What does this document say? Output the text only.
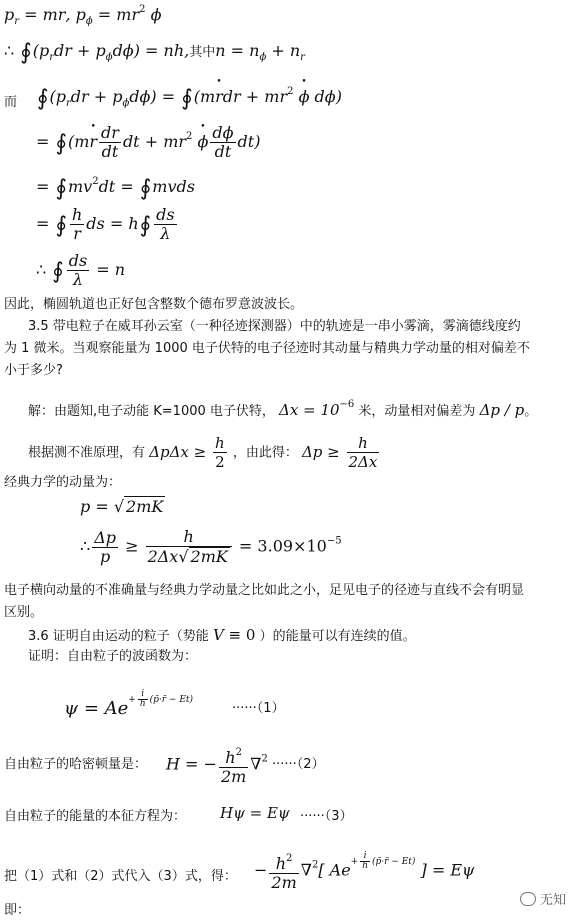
$p_r$ = m• r, $p_\phi = mr^2$ • ϕ
∴ $∮(p_rdr + p_\phi d\phi)$ = nh,其中$n = n_\phi + n_r$
而 $∮(p_rdr + p_\phi d\phi)$ = ∮(m• rdr + $mr^2$ • ϕ dϕ)
= ∮(m• r $\frac{dr}{dt}$ dt + $mr^2$ • ϕ $\frac{d\phi}{dt} dt$)
= $∮mv^2dt$ = ∮mvds
= ∮ $\frac{h}{r}$ ds = h∮ $\frac{ds}{\lambda}$
∴ ∮ $\frac{ds}{\lambda} = n$
因此，椭圆轨道也正好包含整数个德布罗意波波长。
3.5 带电粒子在威耳孙云室（一种径迹探测器）中的轨迹是一串小雾滴，雾滴德线度约
为 1 微米。当观察能量为 1000 电子伏特的电子径迹时其动量与精典力学动量的相对偏差不
小于多少?
解：由题知,电子动能 K=1000 电子伏特， $\Delta x = 10^{-6}$ 米，动量相对偏差为 Δp / p。
根据测不准原理，有 $\Delta p\Delta x \ge \frac{h}{2}$ ，由此得： $\Delta p \ge \frac{h}{2\Delta x}$
经典力学的动量为：
p = √ 2mK
∴ $\frac{\Delta p}{p} \ge \frac{h}{2\Delta x√ 2mK} = 3.09\times 10^{-5}$
电子横向动量的不准确量与经典力学动量之比如此之小，足见电子的径迹与直线不会有明显
区别。
3.6 证明自由运动的粒子（势能 V ≡ 0 ）的能量可以有连续的值。
证明：自由粒子的波函数为：
$\psi = Ae^{+ \frac{i}{h} (p̄\cdot r̄ - Et)}$
······（1）
自由粒子的哈密顿量是： H = − $\frac{h^2}{2m} \nabla^2 \cdot\cdot\cdot\cdot\cdot\cdot(2)$
自由粒子的能量的本征方程为： Hψ = Eψ ······（3）
把（1）式和（2）式代入（3）式，得： − $\frac{h^2}{2m} \nabla^2$[ $Ae^{+ \frac{i}{h} (p̄\cdot r̄ - Et)}$ ] = Eψ
即：
无知
